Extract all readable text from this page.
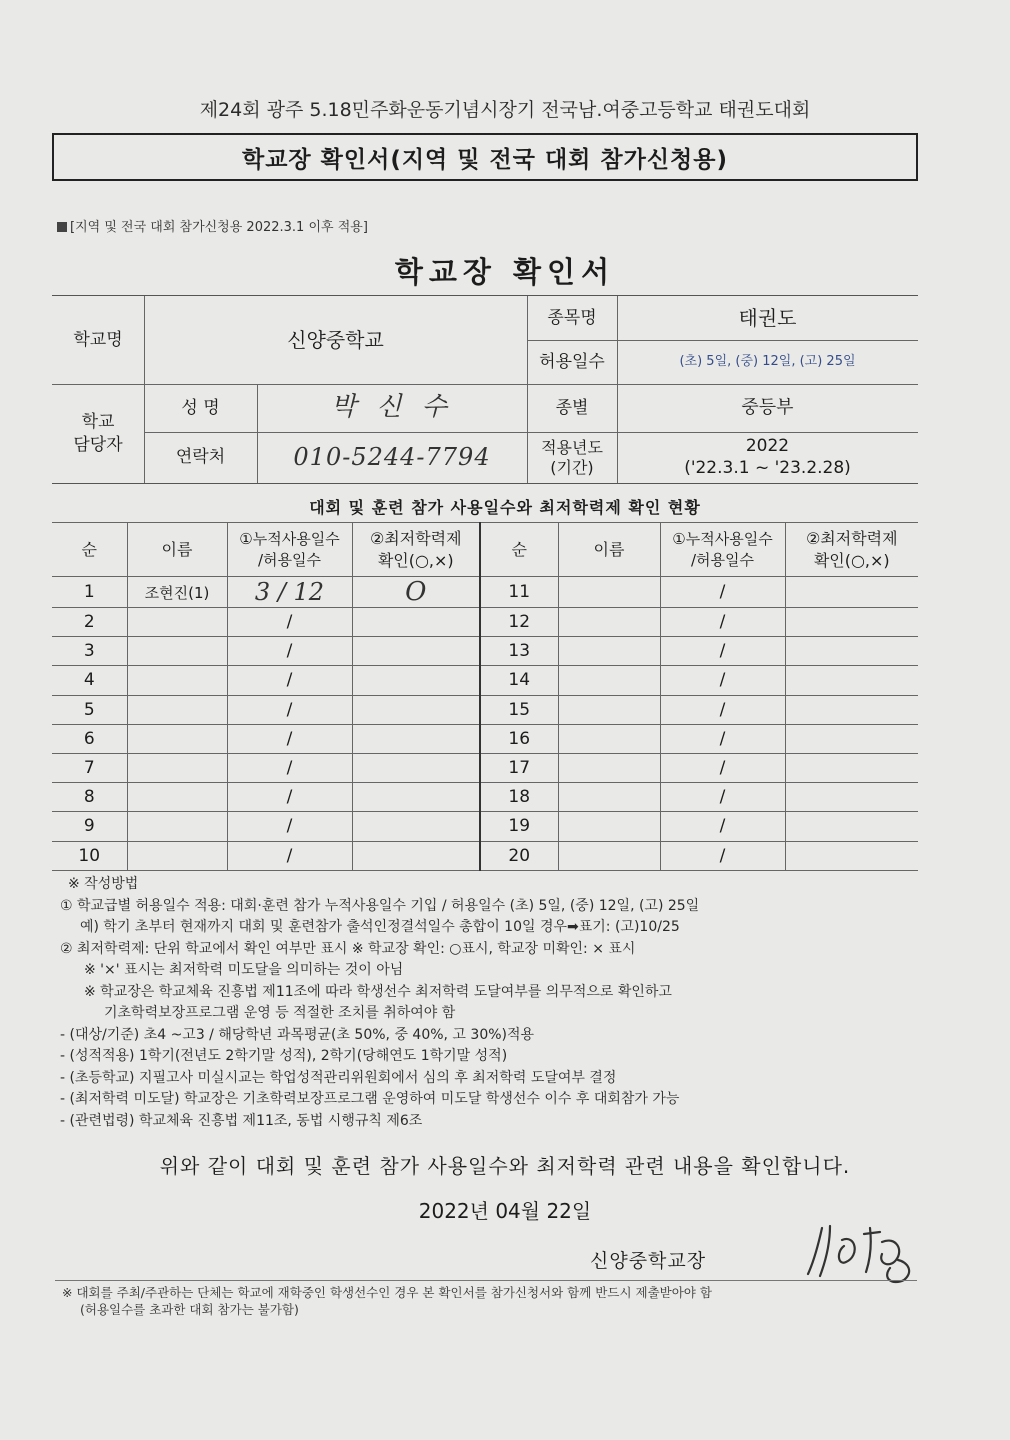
제24회 광주 5.18민주화운동기념시장기 전국남.여중고등학교 태권도대회
학교장 확인서(지역 및 전국 대회 참가신청용)
[지역 및 전국 대회 참가신청용 2022.3.1 이후 적용]
학교장 확인서
학교명	신양중학교
종목명	태권도
허용일수	(초) 5일, (중) 12일, (고) 25일
학교
담당자
성 명	박 신 수
연락처	010-5244-7794
종별	중등부
적용년도
(기간)
2022
('22.3.1 ~ '23.2.28)
대회 및 훈련 참가 사용일수와 최저학력제 확인 현황
순	이름	①누적사용일수
/허용일수	②최저학력제
확인(○,×)	순	이름	①누적사용일수
/허용일수	②최저학력제
확인(○,×)
1	조현진(1)	3 / 12	O	11		/	
2		/		12		/	
3		/		13		/	
4		/		14		/	
5		/		15		/	
6		/		16		/	
7		/		17		/	
8		/		18		/	
9		/		19		/	
10		/		20		/	
※ 작성방법
① 학교급별 허용일수 적용: 대회·훈련 참가 누적사용일수 기입 / 허용일수 (초) 5일, (중) 12일, (고) 25일
예) 학기 초부터 현재까지 대회 및 훈련참가 출석인정결석일수 총합이 10일 경우➡표기: (고)10/25
② 최저학력제: 단위 학교에서 확인 여부만 표시 ※ 학교장 확인: ○표시, 학교장 미확인: × 표시
※ '×' 표시는 최저학력 미도달을 의미하는 것이 아님
※ 학교장은 학교체육 진흥법 제11조에 따라 학생선수 최저학력 도달여부를 의무적으로 확인하고
기초학력보장프로그램 운영 등 적절한 조치를 취하여야 함
- (대상/기준) 초4 ~고3 / 해당학년 과목평균(초 50%, 중 40%, 고 30%)적용
- (성적적용) 1학기(전년도 2학기말 성적), 2학기(당해연도 1학기말 성적)
- (초등학교) 지필고사 미실시교는 학업성적관리위원회에서 심의 후 최저학력 도달여부 결정
- (최저학력 미도달) 학교장은 기초학력보장프로그램 운영하여 미도달 학생선수 이수 후 대회참가 가능
- (관련법령) 학교체육 진흥법 제11조, 동법 시행규칙 제6조
위와 같이 대회 및 훈련 참가 사용일수와 최저학력 관련 내용을 확인합니다.
2022년 04월 22일
신양중학교장
※ 대회를 주최/주관하는 단체는 학교에 재학중인 학생선수인 경우 본 확인서를 참가신청서와 함께 반드시 제출받아야 함
(허용일수를 초과한 대회 참가는 불가함)
